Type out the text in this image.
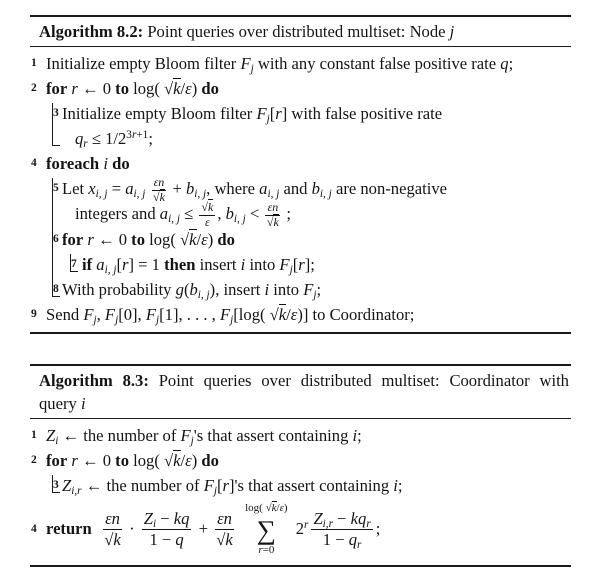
Algorithm 8.2: Point queries over distributed multiset: Node j
1 Initialize empty Bloom filter $F_j$ with any constant false positive rate q;
2 for r ← 0 to log( √k/ε) do
3 Initialize empty Bloom filter $F_j[r]$ with false positive rate
$q_r \le 1/2^{3r+1}$;
4 foreach i do
5 Let $x_{i, j} = a_{i, j} \frac{\varepsilon n}{√k} + b_{i, j}$, where $a_{i, j}$ and $b_{i, j}$ are non-negative
integers and $a_{i, j} \le \frac{√k}{\varepsilon}$ , $b_{i, j} < \frac{\varepsilon n}{√k}$ ;
6 for r ← 0 to log( √k/ε) do
7 if $a_{i, j}[r] = 1$ then insert i into $F_j[r]$;
8 With probability $g(b_{i, j})$, insert i into $F_j$;
9 Send $F_j$, $F_j[0]$, $F_j[1]$, . . . , $F_j[\log$( √k/ε)] to Coordinator;
Algorithm 8.3: Point queries over distributed multiset: Coordinator with
query i
1 $Z_i$ ← the number of $F_j's$ that assert containing i;
2 for r ← 0 to log( √k/ε) do
3 $Z_{i,r}$ ← the number of $F_j[r]'s$ that assert containing i;
4 return $\frac{\varepsilon n}{√k} \cdot \frac{Z_i - kq}{1 - q} + \frac{\varepsilon n}{√k}$

log( √k/ε)
∑
r=0
2$^r$ $Z_{i,r} - kq_r$
$1 - q_r$
;
